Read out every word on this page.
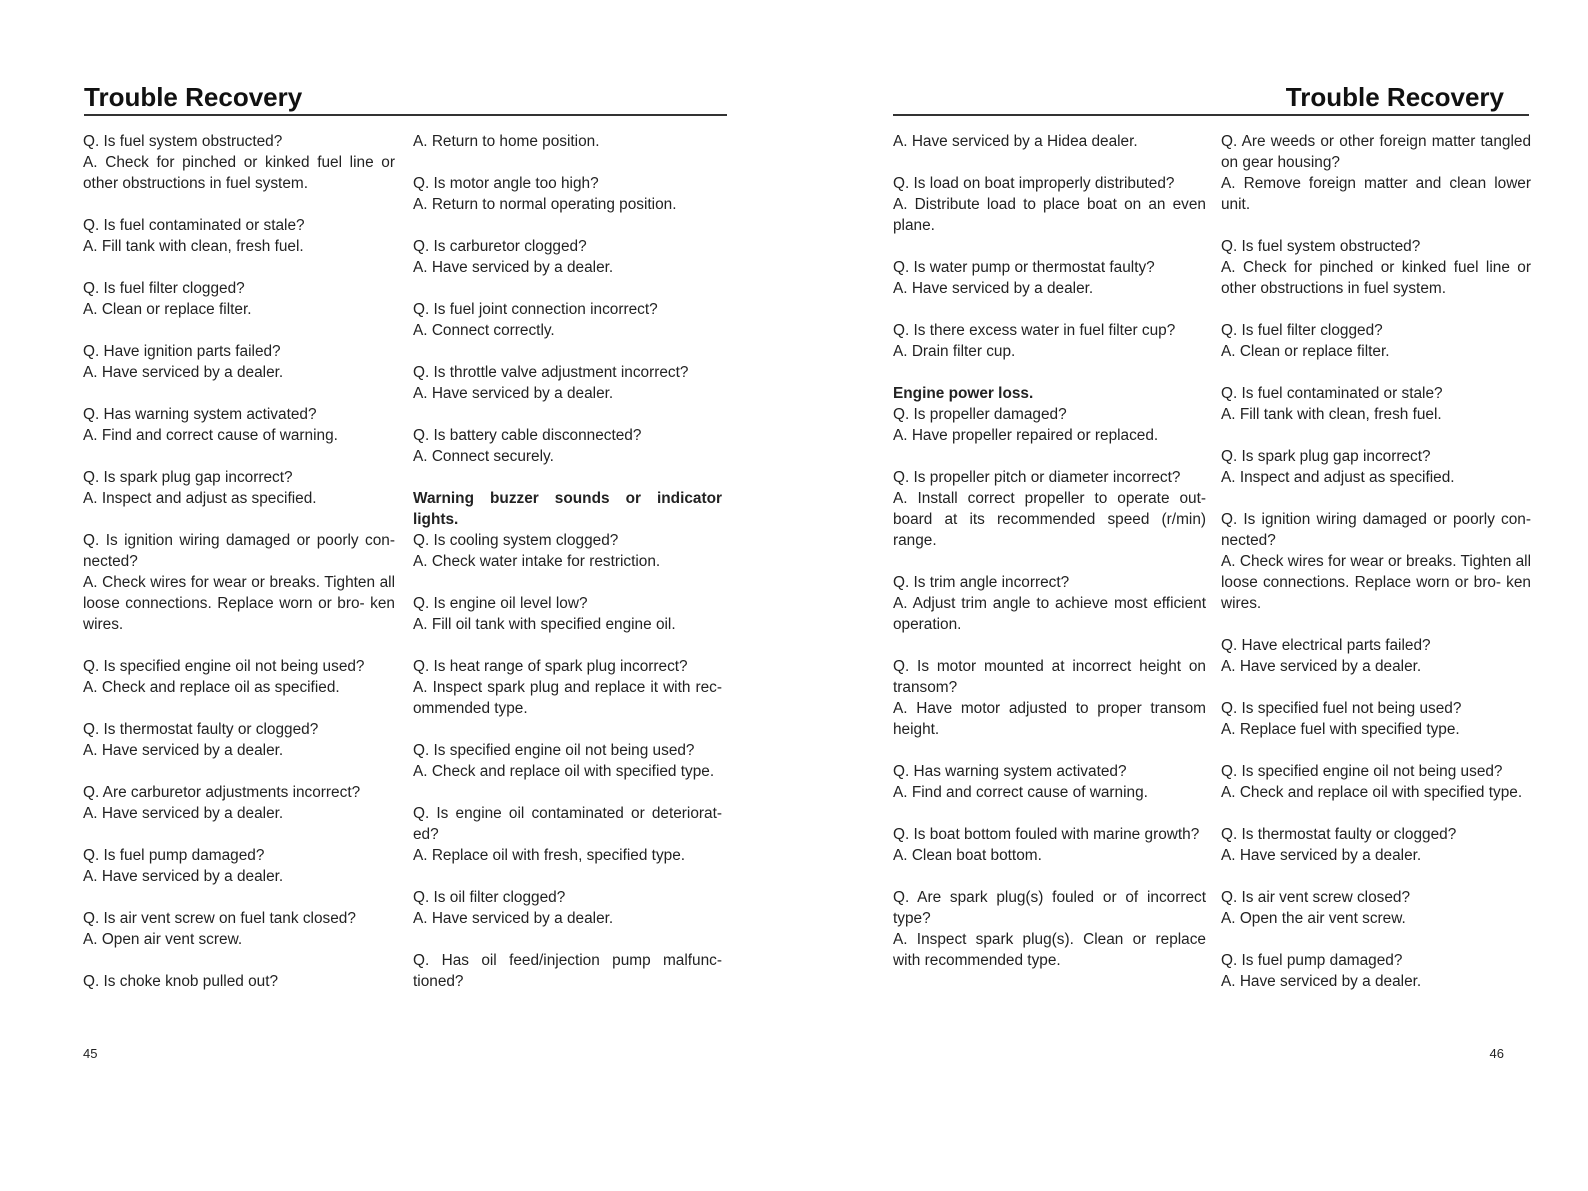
Trouble Recovery	Trouble Recovery

Q. Is fuel system obstructed?

A. Check for pinched or kinked fuel line or other obstructions in fuel system.

Q. Is fuel contaminated or stale?

A. Fill tank with clean, fresh fuel.

Q. Is fuel filter clogged?

A. Clean or replace filter.

Q. Have ignition parts failed?

A. Have serviced by a dealer.

Q. Has warning system activated?

A. Find and correct cause of warning.

Q. Is spark plug gap incorrect?

A. Inspect and adjust as specified.

Q. Is ignition wiring damaged or poorly con- nected?

A. Check wires for wear or breaks. Tighten all loose connections. Replace worn or bro- ken wires.

Q. Is specified engine oil not being used?

A. Check and replace oil as specified.

Q. Is thermostat faulty or clogged?

A. Have serviced by a dealer.

Q. Are carburetor adjustments incorrect?

A. Have serviced by a dealer.

Q. Is fuel pump damaged?

A. Have serviced by a dealer.

Q. Is air vent screw on fuel tank closed?

A. Open air vent screw.

Q. Is choke knob pulled out?

A. Return to home position.

Q. Is motor angle too high?

A. Return to normal operating position.

Q. Is carburetor clogged?

A. Have serviced by a dealer.

Q. Is fuel joint connection incorrect?

A. Connect correctly.

Q. Is throttle valve adjustment incorrect?

A. Have serviced by a dealer.

Q. Is battery cable disconnected?

A. Connect securely.

Warning buzzer sounds or indicator lights.

Q. Is cooling system clogged?

A. Check water intake for restriction.

Q. Is engine oil level low?

A. Fill oil tank with specified engine oil.

Q. Is heat range of spark plug incorrect?

A. Inspect spark plug and replace it with rec- ommended type.

Q. Is specified engine oil not being used?

A. Check and replace oil with specified type.

Q. Is engine oil contaminated or deteriorat- ed?

A. Replace oil with fresh, specified type.

Q. Is oil filter clogged?

A. Have serviced by a dealer.

Q. Has oil feed/injection pump malfunc- tioned?

A. Have serviced by a Hidea dealer.

Q. Is load on boat improperly distributed?

A. Distribute load to place boat on an even plane.

Q. Is water pump or thermostat faulty?

A. Have serviced by a dealer.

Q. Is there excess water in fuel filter cup?

A. Drain filter cup.

Engine power loss.

Q. Is propeller damaged?

A. Have propeller repaired or replaced.

Q. Is propeller pitch or diameter incorrect?

A. Install correct propeller to operate out- board at its recommended speed (r/min) range.

Q. Is trim angle incorrect?

A. Adjust trim angle to achieve most efficient operation.

Q. Is motor mounted at incorrect height on transom?

A. Have motor adjusted to proper transom height.

Q. Has warning system activated?

A. Find and correct cause of warning.

Q. Is boat bottom fouled with marine growth?

A. Clean boat bottom.

Q. Are spark plug(s) fouled or of incorrect type?

A. Inspect spark plug(s). Clean or replace with recommended type.

Q. Are weeds or other foreign matter tangled on gear housing?

A. Remove foreign matter and clean lower unit.

Q. Is fuel system obstructed?

A. Check for pinched or kinked fuel line or other obstructions in fuel system.

Q. Is fuel filter clogged?

A. Clean or replace filter.

Q. Is fuel contaminated or stale?

A. Fill tank with clean, fresh fuel.

Q. Is spark plug gap incorrect?

A. Inspect and adjust as specified.

Q. Is ignition wiring damaged or poorly con- nected?

A. Check wires for wear or breaks. Tighten all loose connections. Replace worn or bro- ken wires.

Q. Have electrical parts failed?

A. Have serviced by a dealer.

Q. Is specified fuel not being used?

A. Replace fuel with specified type.

Q. Is specified engine oil not being used?

A. Check and replace oil with specified type.

Q. Is thermostat faulty or clogged?

A. Have serviced by a dealer.

Q. Is air vent screw closed?

A. Open the air vent screw.

Q. Is fuel pump damaged?

A. Have serviced by a dealer.

45	46
